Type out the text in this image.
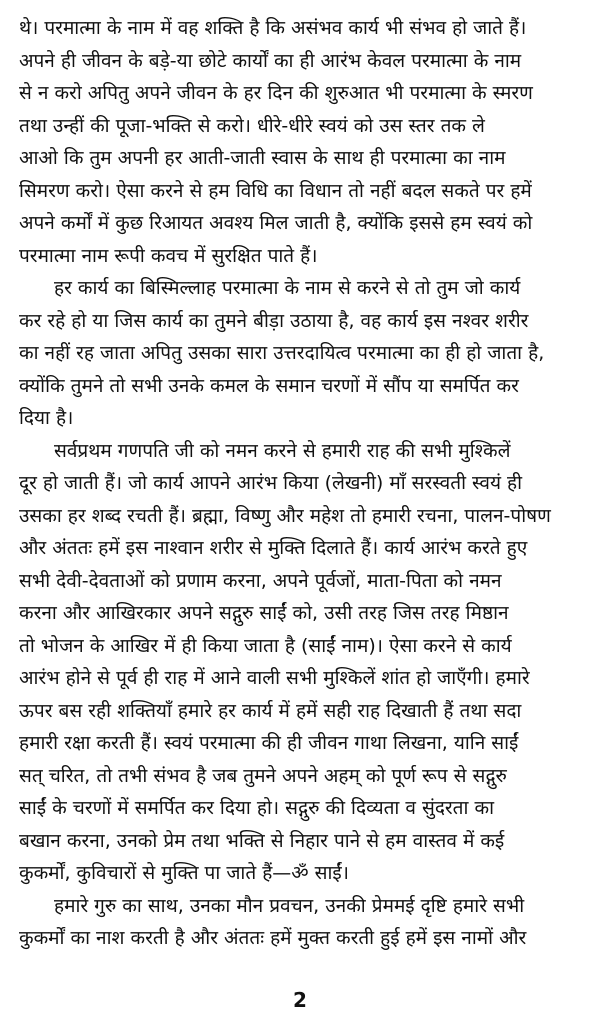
थे। परमात्मा के नाम में वह शक्ति है कि असंभव कार्य भी संभव हो जाते हैं।
अपने ही जीवन के बड़े-या छोटे कार्यों का ही आरंभ केवल परमात्मा के नाम
से न करो अपितु अपने जीवन के हर दिन की शुरुआत भी परमात्मा के स्मरण
तथा उन्हीं की पूजा-भक्ति से करो। धीरे-धीरे स्वयं को उस स्तर तक ले
आओ कि तुम अपनी हर आती-जाती स्वास के साथ ही परमात्मा का नाम
सिमरण करो। ऐसा करने से हम विधि का विधान तो नहीं बदल सकते पर हमें
अपने कर्मों में कुछ रिआयत अवश्य मिल जाती है, क्योंकि इससे हम स्वयं को
परमात्मा नाम रूपी कवच में सुरक्षित पाते हैं।
हर कार्य का बिस्मिल्लाह परमात्मा के नाम से करने से तो तुम जो कार्य
कर रहे हो या जिस कार्य का तुमने बीड़ा उठाया है, वह कार्य इस नश्वर शरीर
का नहीं रह जाता अपितु उसका सारा उत्तरदायित्व परमात्मा का ही हो जाता है,
क्योंकि तुमने तो सभी उनके कमल के समान चरणों में सौंप या समर्पित कर
दिया है।
सर्वप्रथम गणपति जी को नमन करने से हमारी राह की सभी मुश्किलें
दूर हो जाती हैं। जो कार्य आपने आरंभ किया (लेखनी) माँ सरस्वती स्वयं ही
उसका हर शब्द रचती हैं। ब्रह्मा, विष्णु और महेश तो हमारी रचना, पालन-पोषण
और अंततः हमें इस नाश्वान शरीर से मुक्ति दिलाते हैं। कार्य आरंभ करते हुए
सभी देवी-देवताओं को प्रणाम करना, अपने पूर्वजों, माता-पिता को नमन
करना और आखिरकार अपने सद्गुरु साईं को, उसी तरह जिस तरह मिष्ठान
तो भोजन के आखिर में ही किया जाता है (साईं नाम)। ऐसा करने से कार्य
आरंभ होने से पूर्व ही राह में आने वाली सभी मुश्किलें शांत हो जाएँगी। हमारे
ऊपर बस रही शक्तियाँ हमारे हर कार्य में हमें सही राह दिखाती हैं तथा सदा
हमारी रक्षा करती हैं। स्वयं परमात्मा की ही जीवन गाथा लिखना, यानि साईं
सत् चरित, तो तभी संभव है जब तुमने अपने अहम् को पूर्ण रूप से सद्गुरु
साईं के चरणों में समर्पित कर दिया हो। सद्गुरु की दिव्यता व सुंदरता का
बखान करना, उनको प्रेम तथा भक्ति से निहार पाने से हम वास्तव में कई
कुकर्मों, कुविचारों से मुक्ति पा जाते हैं—ॐ साईं।
हमारे गुरु का साथ, उनका मौन प्रवचन, उनकी प्रेममई दृष्टि हमारे सभी
कुकर्मों का नाश करती है और अंततः हमें मुक्त करती हुई हमें इस नामों और
2
